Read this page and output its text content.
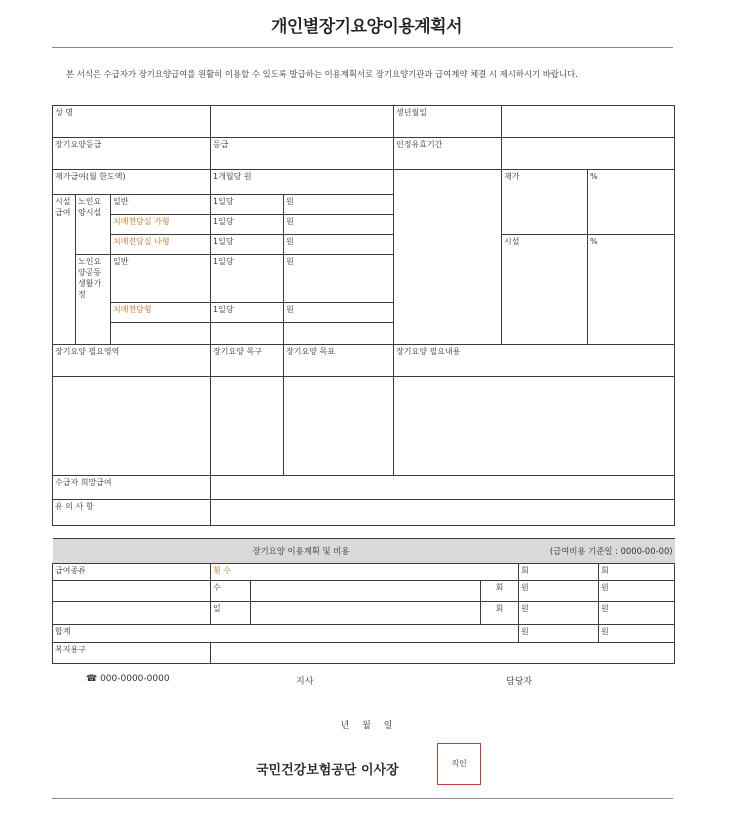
개인별장기요양이용계획서
본 서식은 수급자가 장기요양급여를 원활히 이용할 수 있도록 발급하는 이용계획서로 장기요양기관과 급여계약 체결 시 제시하시기 바랍니다.
성 명					생년월일		
장기요양등급			등급		인정유효기간		
재가급여(월 한도액)			1개월당 원			재가	%
시설급여	노인요양시설	일반	1일당	원			
		치매전담실 가형	1일당	원			
		치매전담실 나형	1일당	원		시설	%
	노인요양공동생활가정	일반	1일당	원			
		치매전담형	1일당	원			

장기요양 필요영역			장기요양 목구	장기요양 목표	장기요양 필요내용		

수급자 희망급여							
유 의 사 항							
장기요양 이용계획 및 비용 (급여비용 기준일 : 0000-00-00)					

급여종류	횟 수			회	회
	수		회	원	원
	일		회	원	원
합계				원	원
복지용구					
☎ 000-0000-0000	지사	담당자
년 월 일
국민건강보험공단 이사장	직인
